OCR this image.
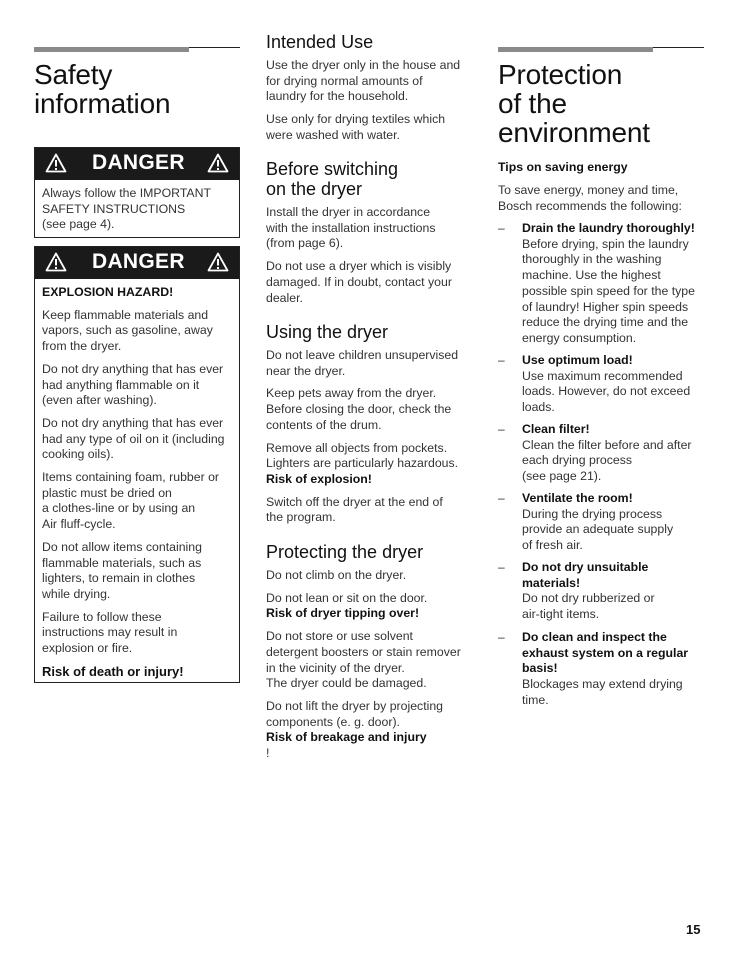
Safety
information
DANGER

Always follow the IMPORTANT
SAFETY INSTRUCTIONS
(see page 4).

DANGER

EXPLOSION HAZARD!

Keep flammable materials and
vapors, such as gasoline, away
from the dryer.

Do not dry anything that has ever
had anything flammable on it
(even after washing).

Do not dry anything that has ever
had any type of oil on it (including
cooking oils).

Items containing foam, rubber or
plastic must be dried on
a clothes-line or by using an
Air fluff-cycle.

Do not allow items containing
flammable materials, such as
lighters, to remain in clothes
while drying.

Failure to follow these
instructions may result in
explosion or fire.

Risk of death or injury!

Intended Use

Use the dryer only in the house and
for drying normal amounts of
laundry for the household.

Use only for drying textiles which
were washed with water.

Before switching
on the dryer

Install the dryer in accordance
with the installation instructions
(from page 6).

Do not use a dryer which is visibly
damaged. If in doubt, contact your
dealer.

Using the dryer

Do not leave children unsupervised
near the dryer.

Keep pets away from the dryer.
Before closing the door, check the
contents of the drum.

Remove all objects from pockets.
Lighters are particularly hazardous.
Risk of explosion!

Switch off the dryer at the end of
the program.

Protecting the dryer

Do not climb on the dryer.

Do not lean or sit on the door.
Risk of dryer tipping over!

Do not store or use solvent
detergent boosters or stain remover
in the vicinity of the dryer.
The dryer could be damaged.

Do not lift the dryer by projecting
components (e. g. door).
Risk of breakage and injury
!

Protection
of the
environment

Tips on saving energy

To save energy, money and time,
Bosch recommends the following:

– Drain the laundry thoroughly!
Before drying, spin the laundry
thoroughly in the washing
machine. Use the highest
possible spin speed for the type
of laundry! Higher spin speeds
reduce the drying time and the
energy consumption.

– Use optimum load!
Use maximum recommended
loads. However, do not exceed
loads.

– Clean filter!
Clean the filter before and after
each drying process
(see page 21).

– Ventilate the room!
During the drying process
provide an adequate supply
of fresh air.

– Do not dry unsuitable
materials!
Do not dry rubberized or
air-tight items.

– Do clean and inspect the
exhaust system on a regular
basis!
Blockages may extend drying
time.

15
